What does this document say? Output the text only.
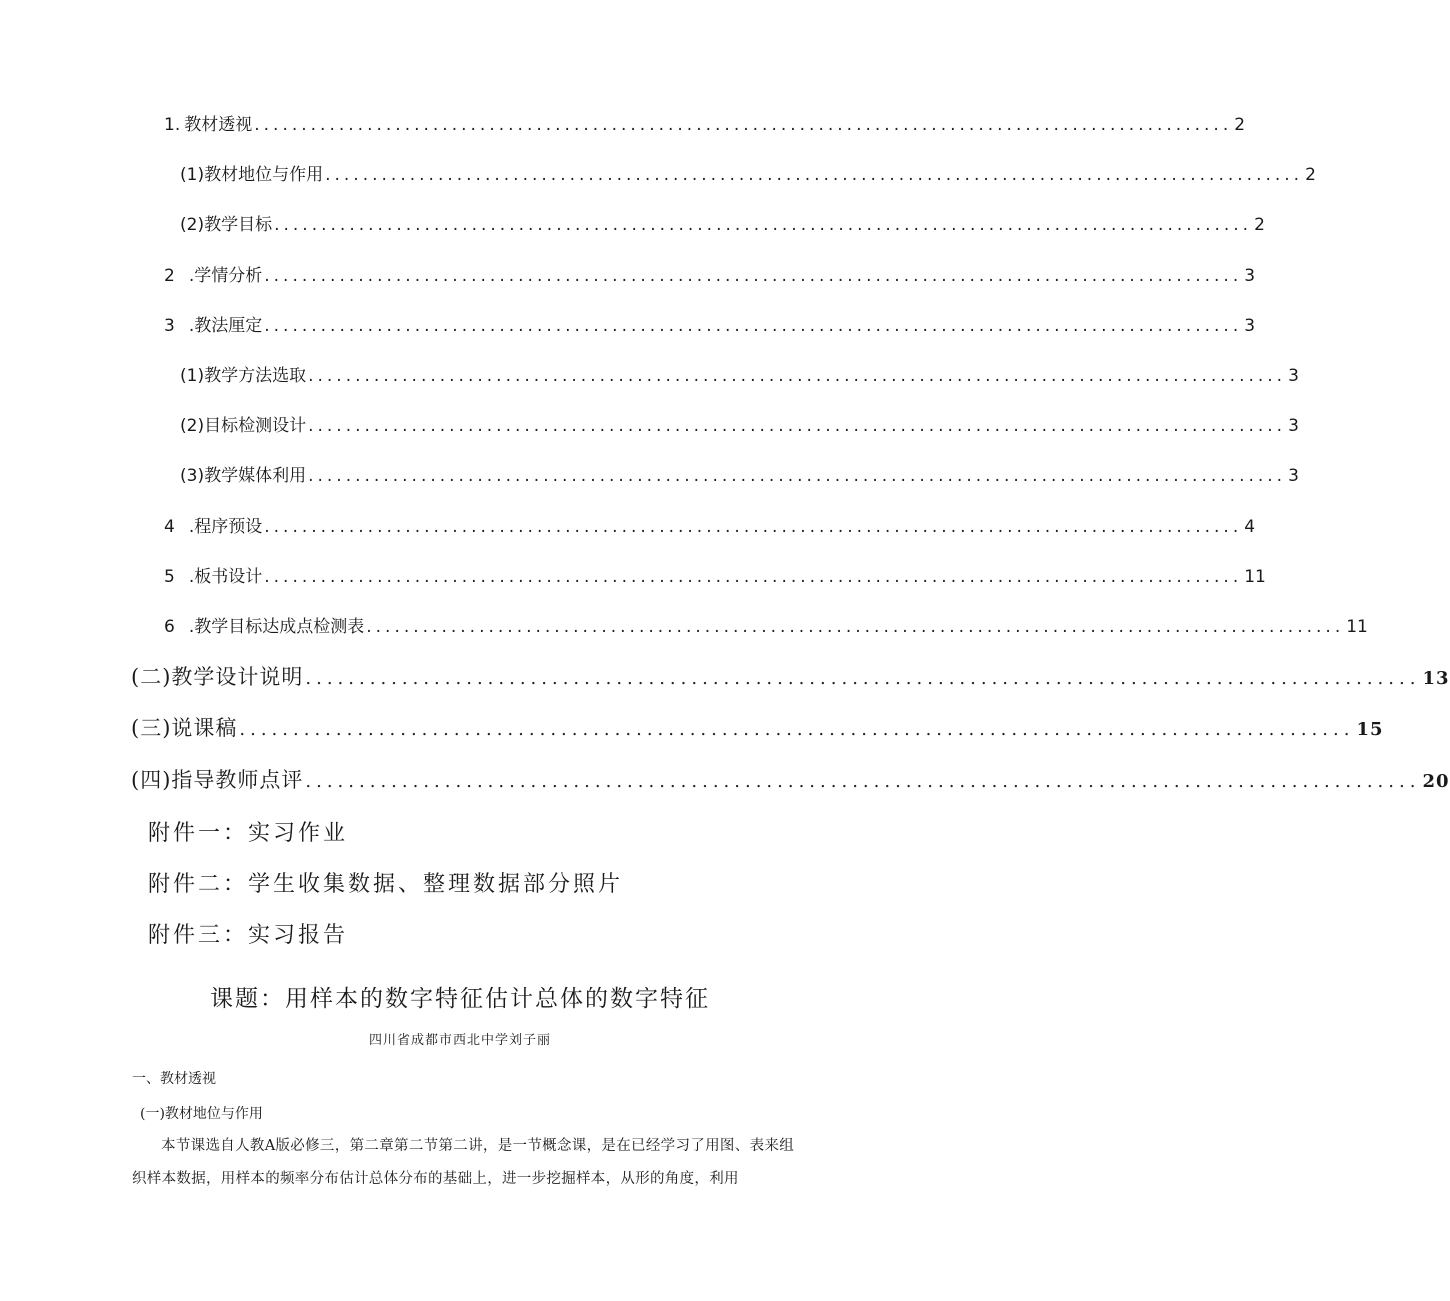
1. 教材透视 ........................................................................................................ 2
(1)教材地位与作用 ........................................................................................................ 2
(2)教学目标 ........................................................................................................ 2
2 .学情分析 ........................................................................................................ 3
3 .教法厘定 ........................................................................................................ 3
(1)教学方法选取 ........................................................................................................ 3
(2)目标检测设计 ........................................................................................................ 3
(3)教学媒体利用 ........................................................................................................ 3
4 .程序预设 ........................................................................................................ 4
5 .板书设计 ........................................................................................................ 11
6 .教学目标达成点检测表 ........................................................................................................ 11
(二)教学设计说明 ........................................................................................................ 13
(三)说课稿 ........................................................................................................ 15
(四)指导教师点评 ........................................................................................................ 20
附件一：实习作业
附件二：学生收集数据、整理数据部分照片
附件三：实习报告
课题：用样本的数字特征估计总体的数字特征
四川省成都市西北中学刘子丽
一、教材透视
(一)教材地位与作用
本节课选自人教A版必修三，第二章第二节第二讲，是一节概念课，是在已经学习了用图、表来组织样本数据，用样本的频率分布估计总体分布的基础上，进一步挖掘样本，从形的角度，利用
